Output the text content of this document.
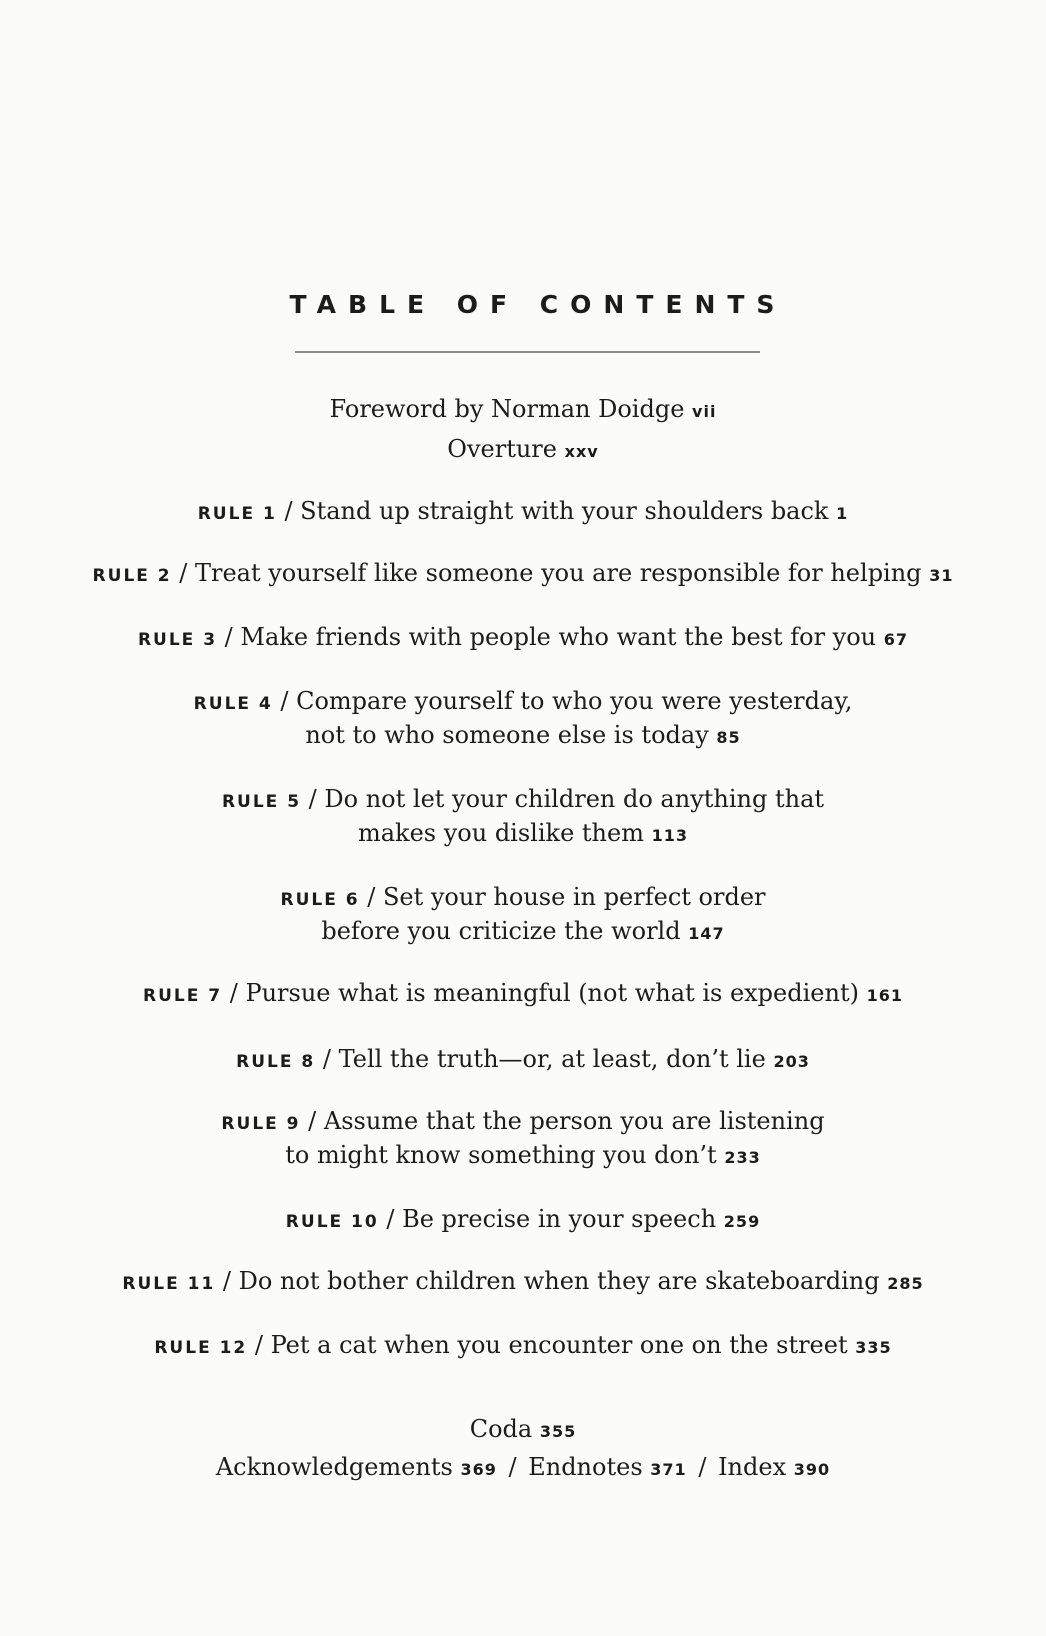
TABLE OF CONTENTS
Foreword by Norman Doidge vii
Overture xxv
RULE 1 / Stand up straight with your shoulders back 1
RULE 2 / Treat yourself like someone you are responsible for helping 31
RULE 3 / Make friends with people who want the best for you 67
RULE 4 / Compare yourself to who you were yesterday,
not to who someone else is today 85
RULE 5 / Do not let your children do anything that
makes you dislike them 113
RULE 6 / Set your house in perfect order
before you criticize the world 147
RULE 7 / Pursue what is meaningful (not what is expedient) 161
RULE 8 / Tell the truth—or, at least, don’t lie 203
RULE 9 / Assume that the person you are listening
to might know something you don’t 233
RULE 10 / Be precise in your speech 259
RULE 11 / Do not bother children when they are skateboarding 285
RULE 12 / Pet a cat when you encounter one on the street 335
Coda 355
Acknowledgements 369 / Endnotes 371 / Index 390
